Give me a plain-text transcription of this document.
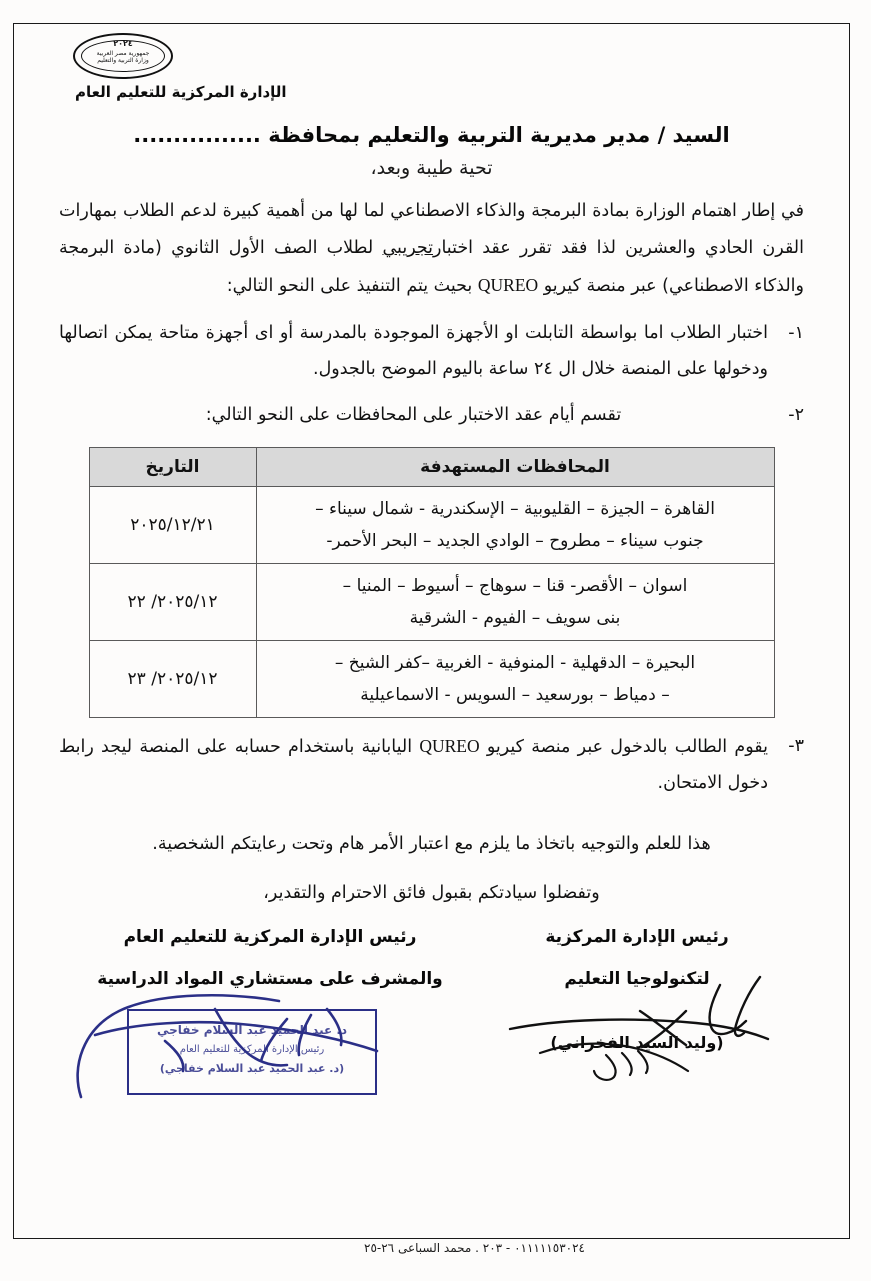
٢٠٢٤
جمهورية مصر العربية
وزارة التربية والتعليم
الإدارة المركزية للتعليم العام
السيد / مدير مديرية التربية والتعليم بمحافظة ................
تحية طيبة وبعد،
في إطار اهتمام الوزارة بمادة البرمجة والذكاء الاصطناعي لما لها من أهمية كبيرة لدعم الطلاب بمهارات القرن الحادي والعشرين لذا فقد تقرر عقد اختبارتجريبي لطلاب الصف الأول الثانوي (مادة البرمجة والذكاء الاصطناعي) عبر منصة كيريو QUREO بحيث يتم التنفيذ على النحو التالي:
١-
اختبار الطلاب اما بواسطة التابلت او الأجهزة الموجودة بالمدرسة أو اى أجهزة متاحة يمكن اتصالها ودخولها على المنصة خلال ال ٢٤ ساعة باليوم الموضح بالجدول.
٢-
تقسم أيام عقد الاختبار على المحافظات على النحو التالي:
المحافظات المستهدفة	التاريخ

القاهرة – الجيزة – القليوبية – الإسكندرية - شمال سيناء –
جنوب سيناء – مطروح – الوادي الجديد – البحر الأحمر-	٢٠٢٥/١٢/٢١

اسوان – الأقصر- قنا – سوهاج – أسيوط – المنيا –
بنى سويف – الفيوم - الشرقية	٢٠٢٥/١٢/ ٢٢

البحيرة – الدقهلية - المنوفية - الغربية –كفر الشيخ –
– دمياط – بورسعيد – السويس - الاسماعيلية	٢٠٢٥/١٢/ ٢٣
٣-
يقوم الطالب بالدخول عبر منصة كيريو QUREO اليابانية باستخدام حسابه على المنصة ليجد رابط دخول الامتحان.
هذا للعلم والتوجيه باتخاذ ما يلزم مع اعتبار الأمر هام وتحت رعايتكم الشخصية.
وتفضلوا سيادتكم بقبول فائق الاحترام والتقدير،
رئيس الإدارة المركزية
لتكنولوجيا التعليم
(وليد السيد الفخراني)
رئيس الإدارة المركزية للتعليم العام
والمشرف على مستشاري المواد الدراسية
د. عبد الحميد عبد السلام خفاجي
رئيس الإدارة المركزية للتعليم العام
(د. عبد الحميد عبد السلام خفاجي)
٠١١١١١٥٣٠٢٤ - ٢٠٣ . محمد السباعى ٢٦-٢٥
